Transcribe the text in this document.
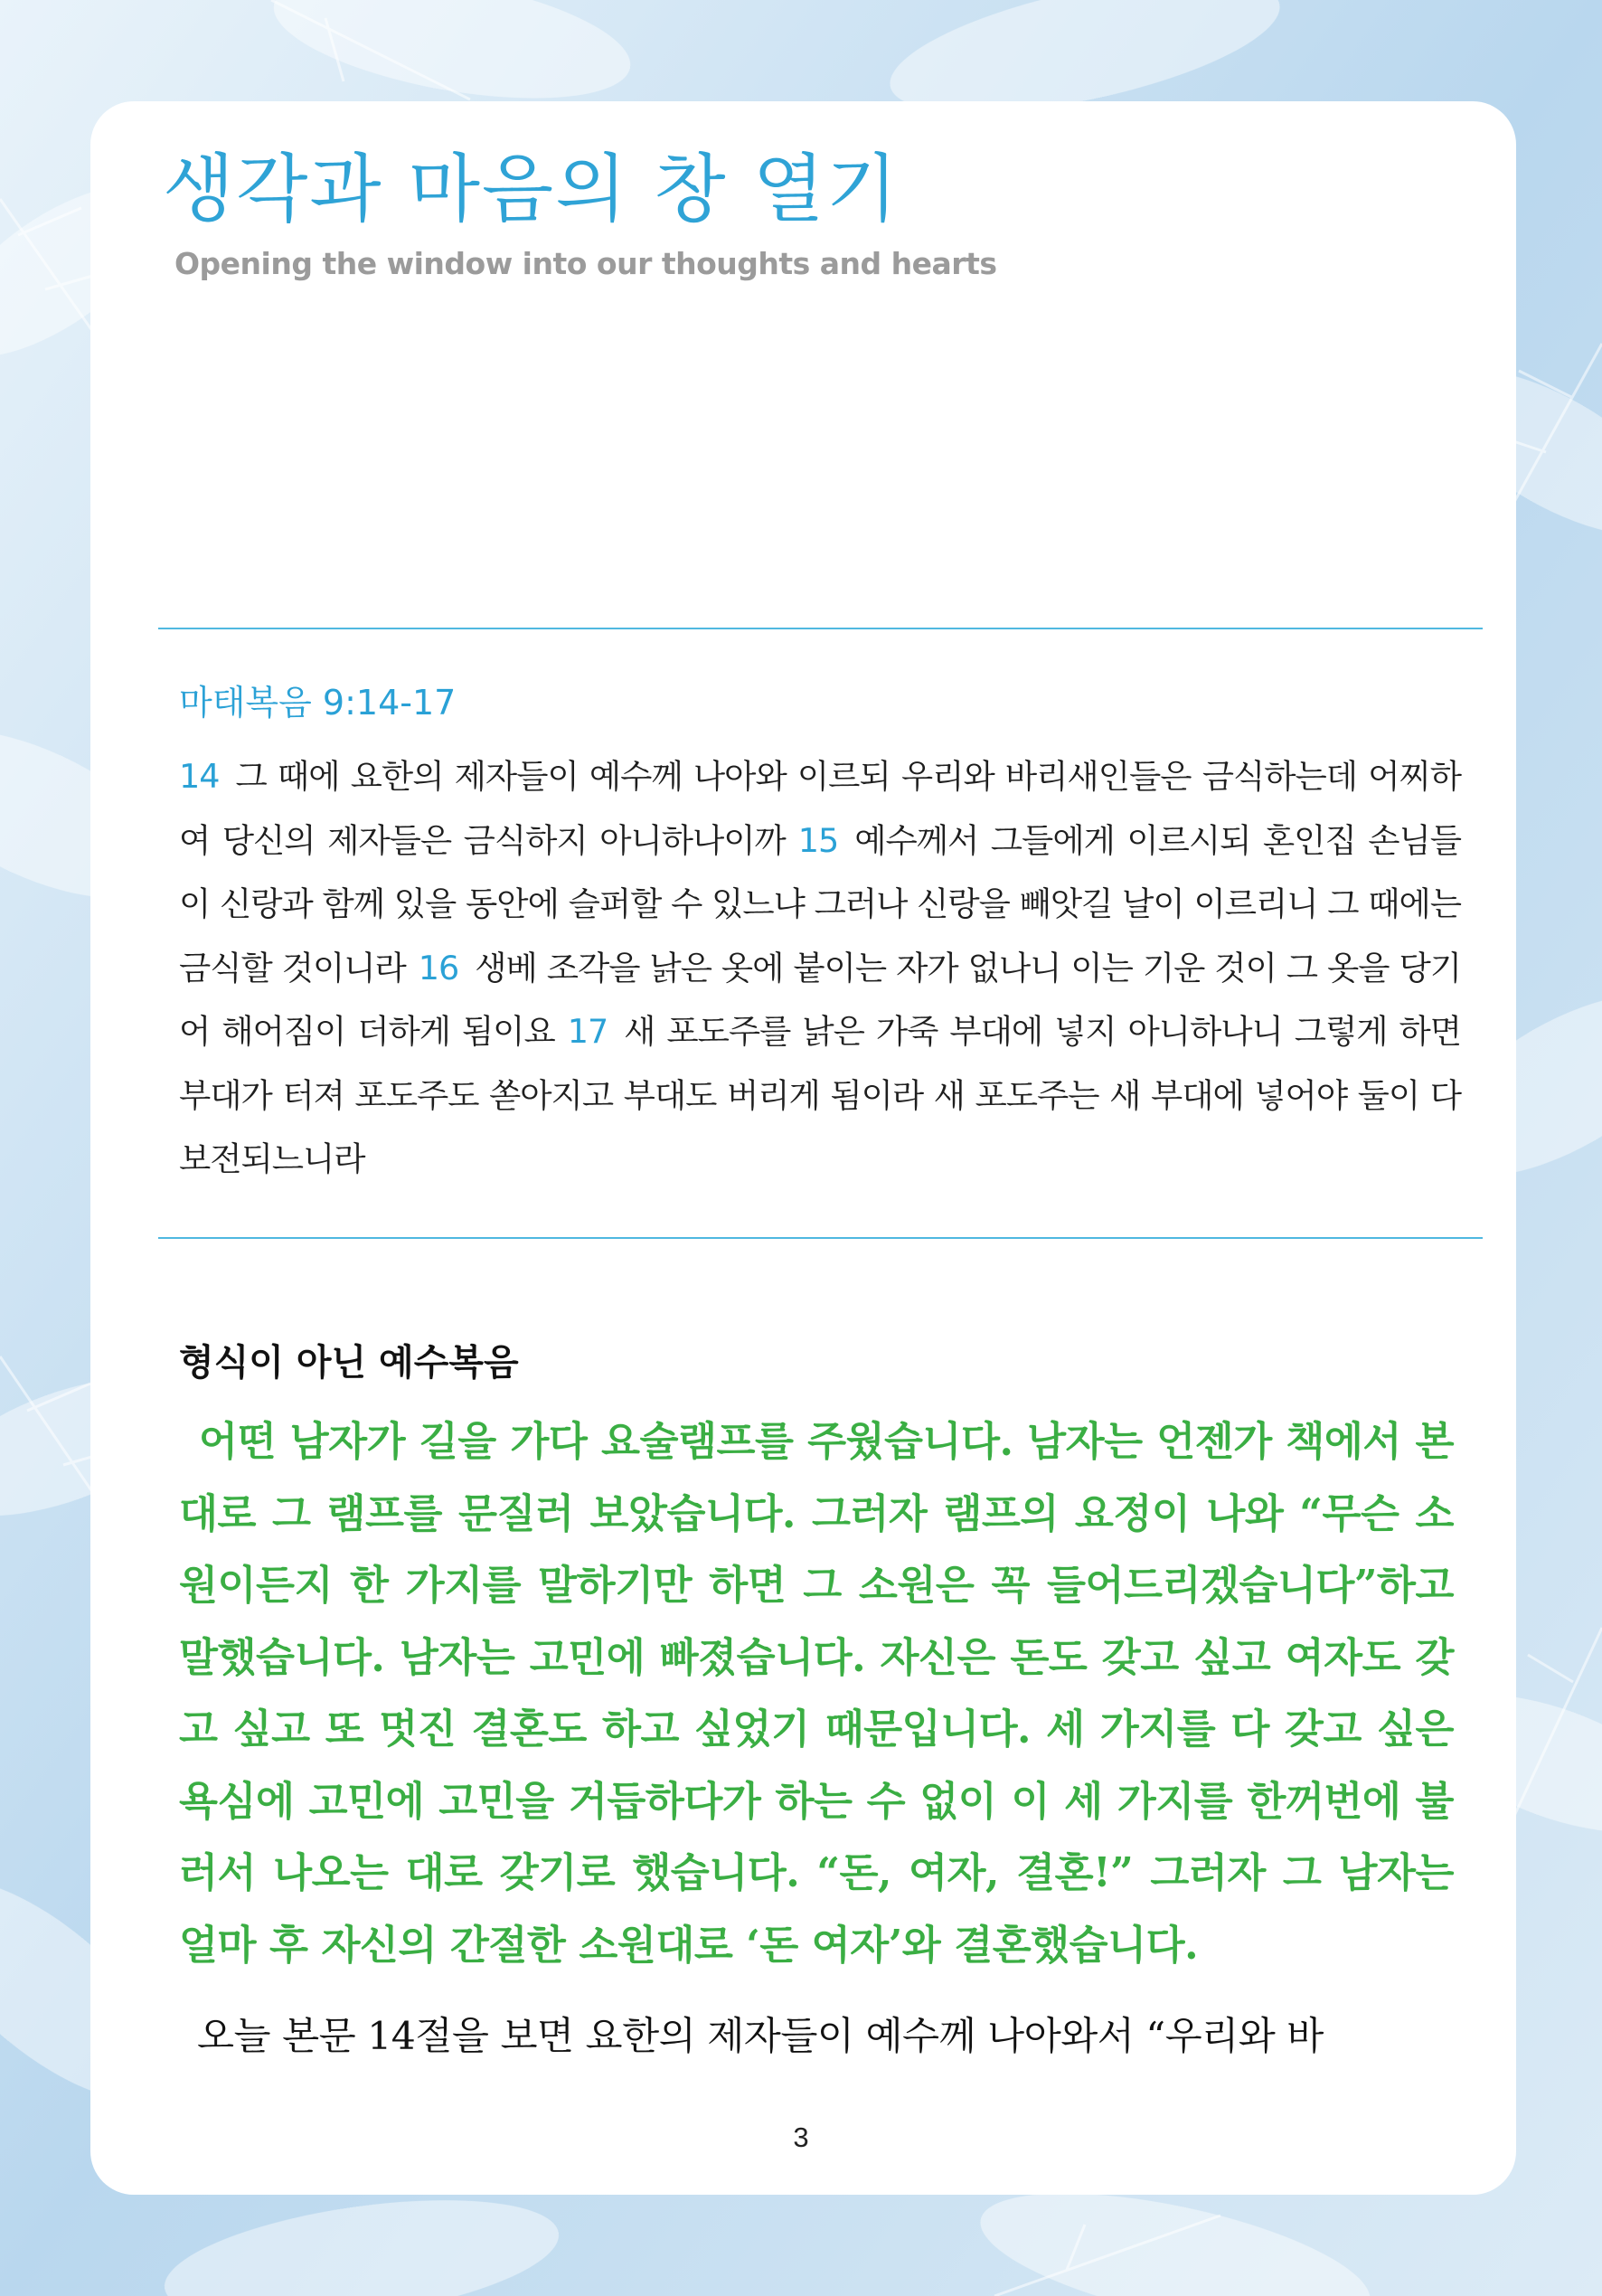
생각과 마음의 창 열기

Opening the window into our thoughts and hearts

마태복음 9:14-17

14 그 때에 요한의 제자들이 예수께 나아와 이르되 우리와 바리새인들은 금식하는데 어찌하여 당신의 제자들은 금식하지 아니하나이까 15 예수께서 그들에게 이르시되 혼인집 손님들이 신랑과 함께 있을 동안에 슬퍼할 수 있느냐 그러나 신랑을 빼앗길 날이 이르리니 그 때에는 금식할 것이니라 16 생베 조각을 낡은 옷에 붙이는 자가 없나니 이는 기운 것이 그 옷을 당기어 해어짐이 더하게 됨이요 17 새 포도주를 낡은 가죽 부대에 넣지 아니하나니 그렇게 하면 부대가 터져 포도주도 쏟아지고 부대도 버리게 됨이라 새 포도주는 새 부대에 넣어야 둘이 다 보전되느니라

형식이 아닌 예수복음

어떤 남자가 길을 가다 요술램프를 주웠습니다. 남자는 언젠가 책에서 본대로 그 램프를 문질러 보았습니다. 그러자 램프의 요정이 나와 “무슨 소원이든지 한 가지를 말하기만 하면 그 소원은 꼭 들어드리겠습니다”하고 말했습니다. 남자는 고민에 빠졌습니다. 자신은 돈도 갖고 싶고 여자도 갖고 싶고 또 멋진 결혼도 하고 싶었기 때문입니다. 세 가지를 다 갖고 싶은 욕심에 고민에 고민을 거듭하다가 하는 수 없이 이 세 가지를 한꺼번에 불러서 나오는 대로 갖기로 했습니다. “돈, 여자, 결혼!” 그러자 그 남자는 얼마 후 자신의 간절한 소원대로 ‘돈 여자’와 결혼했습니다.

오늘 본문 14절을 보면 요한의 제자들이 예수께 나아와서 “우리와 바

3
